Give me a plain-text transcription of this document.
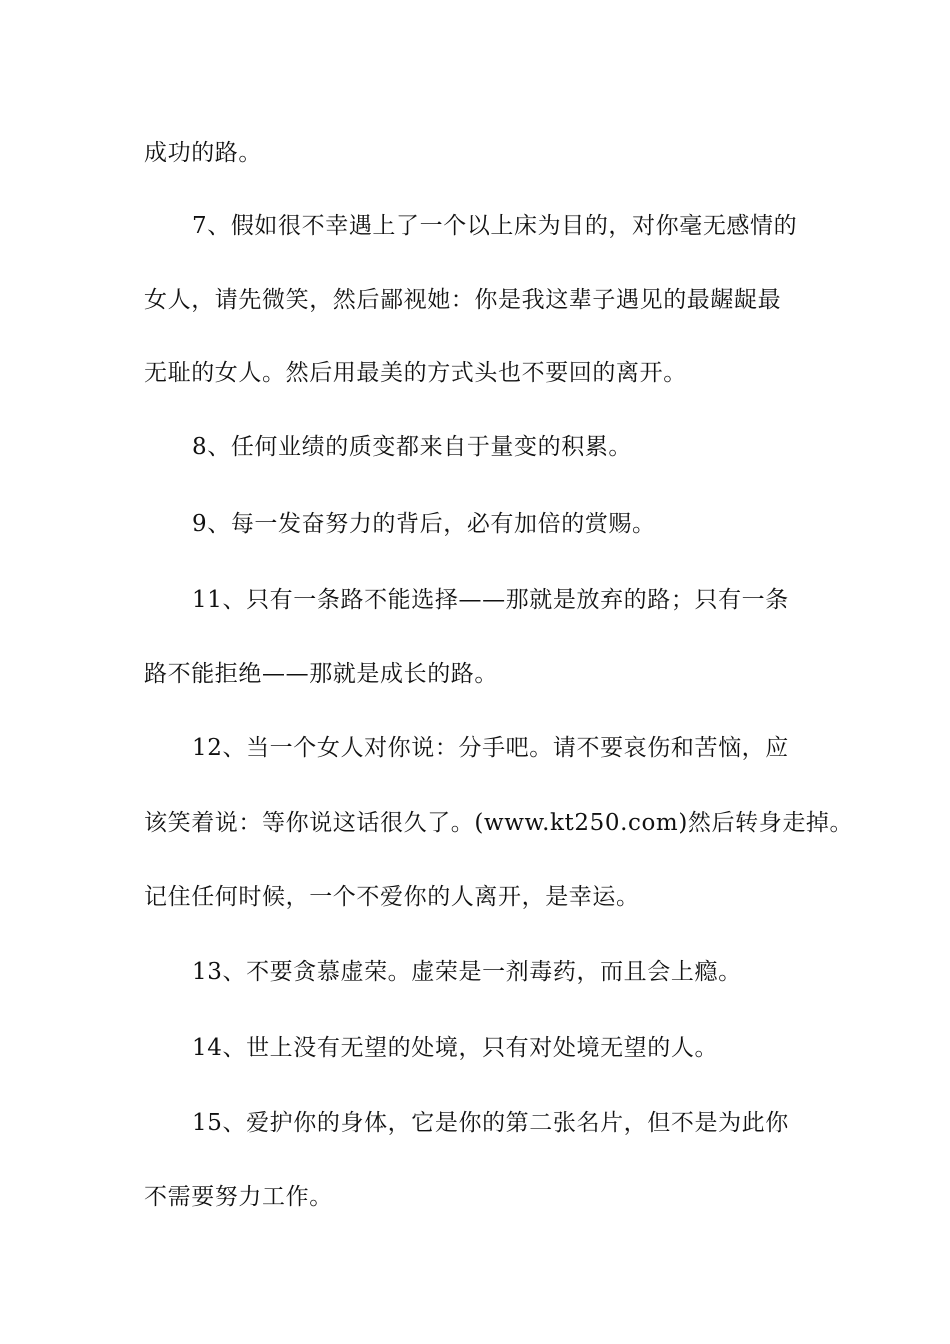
成功的路。
7、假如很不幸遇上了一个以上床为目的，对你毫无感情的
女人，请先微笑，然后鄙视她：你是我这辈子遇见的最龌龊最
无耻的女人。然后用最美的方式头也不要回的离开。
8、任何业绩的质变都来自于量变的积累。
9、每一发奋努力的背后，必有加倍的赏赐。
11、只有一条路不能选择——那就是放弃的路；只有一条
路不能拒绝——那就是成长的路。
12、当一个女人对你说：分手吧。请不要哀伤和苦恼，应
该笑着说：等你说这话很久了。(www.kt250.com)然后转身走掉。
记住任何时候，一个不爱你的人离开，是幸运。
13、不要贪慕虚荣。虚荣是一剂毒药，而且会上瘾。
14、世上没有无望的处境，只有对处境无望的人。
15、爱护你的身体，它是你的第二张名片，但不是为此你
不需要努力工作。
